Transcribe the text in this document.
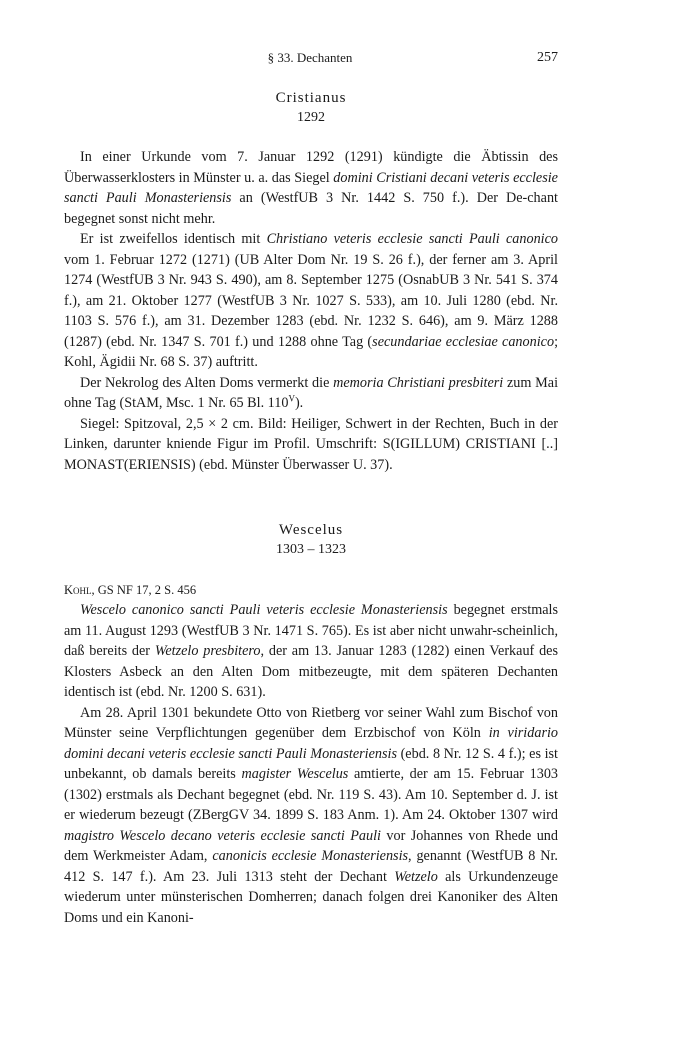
§ 33. Dechanten	257
Cristianus
1292

In einer Urkunde vom 7. Januar 1292 (1291) kündigte die Äbtissin des Überwasserklosters in Münster u. a. das Siegel domini Cristiani decani veteris ecclesie sancti Pauli Monasteriensis an (WestfUB 3 Nr. 1442 S. 750 f.). Der De-chant begegnet sonst nicht mehr.

Er ist zweifellos identisch mit Christiano veteris ecclesie sancti Pauli canonico vom 1. Februar 1272 (1271) (UB Alter Dom Nr. 19 S. 26 f.), der ferner am 3. April 1274 (WestfUB 3 Nr. 943 S. 490), am 8. September 1275 (OsnabUB 3 Nr. 541 S. 374 f.), am 21. Oktober 1277 (WestfUB 3 Nr. 1027 S. 533), am 10. Juli 1280 (ebd. Nr. 1103 S. 576 f.), am 31. Dezember 1283 (ebd. Nr. 1232 S. 646), am 9. März 1288 (1287) (ebd. Nr. 1347 S. 701 f.) und 1288 ohne Tag (secundariae ecclesiae canonico; Kohl, Ägidii Nr. 68 S. 37) auftritt.

Der Nekrolog des Alten Doms vermerkt die memoria Christiani presbiteri zum Mai ohne Tag (StAM, Msc. 1 Nr. 65 Bl. $110^V$).

Siegel: Spitzoval, 2,5 × 2 cm. Bild: Heiliger, Schwert in der Rechten, Buch in der Linken, darunter kniende Figur im Profil. Umschrift: S(IGILLUM) CRISTIANI [..] MONAST(ERIENSIS) (ebd. Münster Überwasser U. 37).

Wescelus
1303 – 1323

Kohl, GS NF 17, 2 S. 456

Wescelo canonico sancti Pauli veteris ecclesie Monasteriensis begegnet erstmals am 11. August 1293 (WestfUB 3 Nr. 1471 S. 765). Es ist aber nicht unwahr-scheinlich, daß bereits der Wetzelo presbitero, der am 13. Januar 1283 (1282) einen Verkauf des Klosters Asbeck an den Alten Dom mitbezeugte, mit dem späteren Dechanten identisch ist (ebd. Nr. 1200 S. 631).

Am 28. April 1301 bekundete Otto von Rietberg vor seiner Wahl zum Bischof von Münster seine Verpflichtungen gegenüber dem Erzbischof von Köln in viridario domini decani veteris ecclesie sancti Pauli Monasteriensis (ebd. 8 Nr. 12 S. 4 f.); es ist unbekannt, ob damals bereits magister Wescelus amtierte, der am 15. Februar 1303 (1302) erstmals als Dechant begegnet (ebd. Nr. 119 S. 43). Am 10. September d. J. ist er wiederum bezeugt (ZBergGV 34. 1899 S. 183 Anm. 1). Am 24. Oktober 1307 wird magistro Wescelo decano veteris ecclesie sancti Pauli vor Johannes von Rhede und dem Werkmeister Adam, canonicis ecclesie Monasteriensis, genannt (WestfUB 8 Nr. 412 S. 147 f.). Am 23. Juli 1313 steht der Dechant Wetzelo als Urkundenzeuge wiederum unter münsterischen Domherren; danach folgen drei Kanoniker des Alten Doms und ein Kanoni-
